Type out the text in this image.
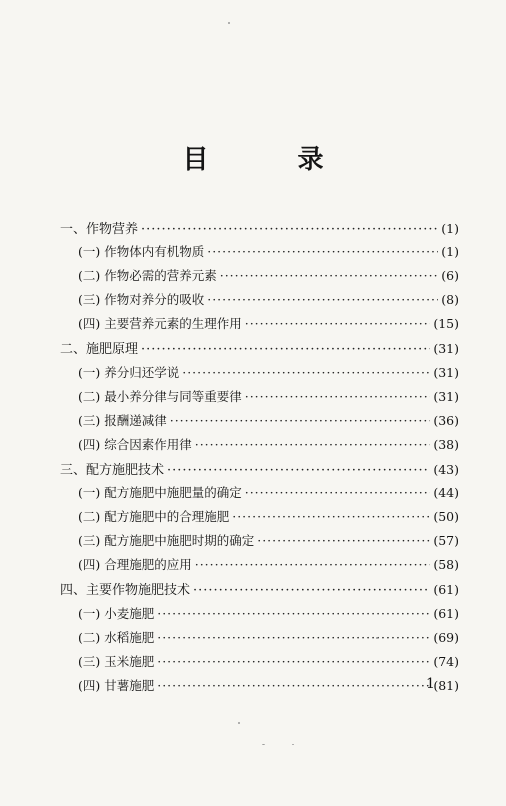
目 录
一、作物营养 ·····	(1)
(一) 作物体内有机物质 ·····	(1)
(二) 作物必需的营养元素 ·····	(6)
(三) 作物对养分的吸收 ·····	(8)
(四) 主要营养元素的生理作用 ·····	(15)
二、施肥原理 ·····	(31)
(一) 养分归还学说 ·····	(31)
(二) 最小养分律与同等重要律 ·····	(31)
(三) 报酬递减律 ·····	(36)
(四) 综合因素作用律 ·····	(38)
三、配方施肥技术 ·····	(43)
(一) 配方施肥中施肥量的确定 ·····	(44)
(二) 配方施肥中的合理施肥 ·····	(50)
(三) 配方施肥中施肥时期的确定 ·····	(57)
(四) 合理施肥的应用 ·····	(58)
四、主要作物施肥技术 ·····	(61)
(一) 小麦施肥 ·····	(61)
(二) 水稻施肥 ·····	(69)
(三) 玉米施肥 ·····	(74)
(四) 甘薯施肥 ·····	(81)
1
